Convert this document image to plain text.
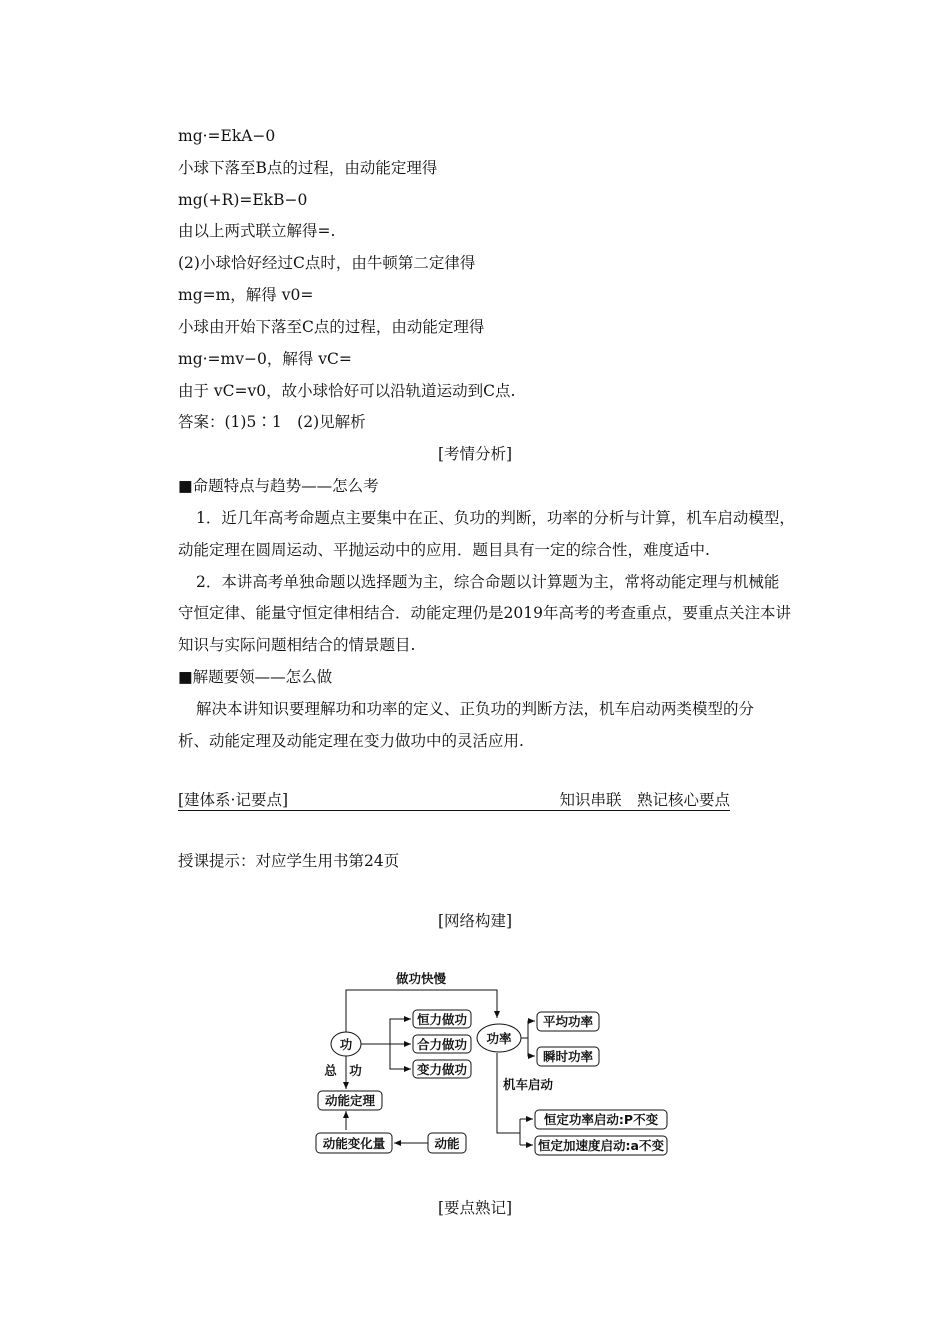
mg·=EkA−0
小球下落至B点的过程，由动能定理得
mg(+R)=EkB−0
由以上两式联立解得=.
(2)小球恰好经过C点时，由牛顿第二定律得
mg=m，解得 v0=
小球由开始下落至C点的过程，由动能定理得
mg·=mv−0，解得 vC=
由于 vC=v0，故小球恰好可以沿轨道运动到C点.
答案：(1)5∶1　(2)见解析
[考情分析]
■命题特点与趋势——怎么考
1．近几年高考命题点主要集中在正、负功的判断，功率的分析与计算，机车启动模型，
动能定理在圆周运动、平抛运动中的应用．题目具有一定的综合性，难度适中.
2．本讲高考单独命题以选择题为主，综合命题以计算题为主，常将动能定理与机械能
守恒定律、能量守恒定律相结合．动能定理仍是2019年高考的考查重点，要重点关注本讲
知识与实际问题相结合的情景题目.
■解题要领——怎么做
解决本讲知识要理解功和功率的定义、正负功的判断方法，机车启动两类模型的分
析、动能定理及动能定理在变力做功中的灵活应用.
[建体系·记要点]	知识串联　熟记核心要点
授课提示：对应学生用书第24页
[网络构建]
功
做功快慢
恒力做功
合力做功
变力做功
总　功
动能定理
动能变化量	动能
功率
平均功率
瞬时功率
机车启动
恒定功率启动:P不变
恒定加速度启动:a不变
[要点熟记]
